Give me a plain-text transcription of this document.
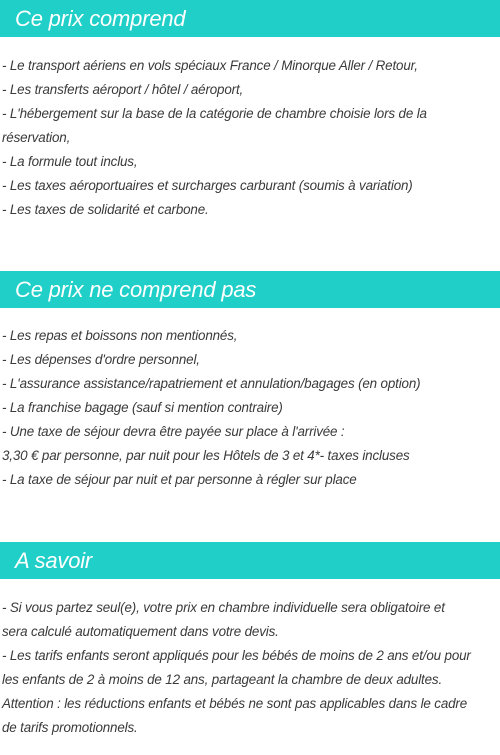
Ce prix comprend
- Le transport aériens en vols spéciaux France / Minorque Aller / Retour,
- Les transferts aéroport / hôtel / aéroport,
- L'hébergement sur la base de la catégorie de chambre choisie lors de la
réservation,
- La formule tout inclus,
- Les taxes aéroportuaires et surcharges carburant (soumis à variation)
- Les taxes de solidarité et carbone.
Ce prix ne comprend pas
- Les repas et boissons non mentionnés,
- Les dépenses d'ordre personnel,
- L'assurance assistance/rapatriement et annulation/bagages (en option)
- La franchise bagage (sauf si mention contraire)
- Une taxe de séjour devra être payée sur place à l'arrivée :
3,30 € par personne, par nuit pour les Hôtels de 3 et 4*- taxes incluses
- La taxe de séjour par nuit et par personne à régler sur place
A savoir
- Si vous partez seul(e), votre prix en chambre individuelle sera obligatoire et
sera calculé automatiquement dans votre devis.
- Les tarifs enfants seront appliqués pour les bébés de moins de 2 ans et/ou pour
les enfants de 2 à moins de 12 ans, partageant la chambre de deux adultes.
Attention : les réductions enfants et bébés ne sont pas applicables dans le cadre
de tarifs promotionnels.
